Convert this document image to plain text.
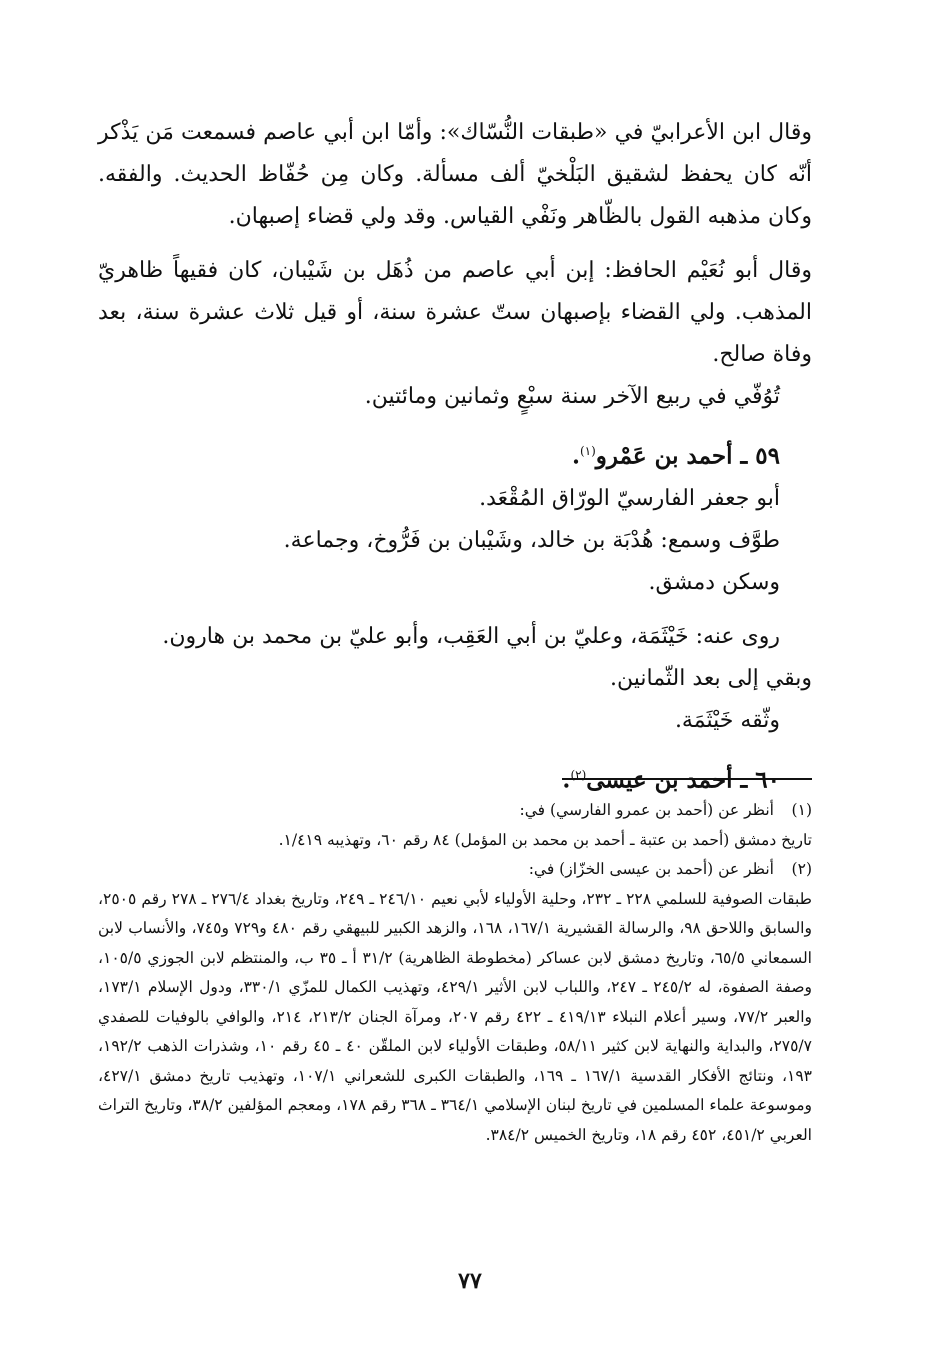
وقال ابن الأعرابيّ في «طبقات النُّسّاك»: وأمّا ابن أبي عاصم فسمعت مَن يَذْكر أنّه كان يحفظ لشقيق البَلْخيّ ألف مسألة. وكان مِن حُفّاظ الحديث. والفقه. وكان مذهبه القول بالظّاهر ونَفْي القياس. وقد ولي قضاء إصبهان.

وقال أبو نُعَيْم الحافظ: إبن أبي عاصم من ذُهَل بن شَيْبان، كان فقيهاً ظاهريّ المذهب. ولي القضاء بإصبهان ستّ عشرة سنة، أو قيل ثلاث عشرة سنة، بعد وفاة صالح.

تُوُفّي في ربيع الآخر سنة سبْعٍ وثمانين ومائتين.

٥٩ ـ أحمد بن عَمْرو$^{(١)}$.

أبو جعفر الفارسيّ الورّاق المُقْعَد.

طوَّف وسمع: هُدْبَة بن خالد، وشَيْبان بن فَرُّوخ، وجماعة.

وسكن دمشق.

روى عنه: خَيْثَمَة، وعليّ بن أبي العَقِب، وأبو عليّ بن محمد بن هارون.

وبقي إلى بعد الثّمانين.

وثّقه خَيْثَمَة.

٦٠ ـ أحمد بن عيسى$^{(٢)}$.

(١)أنظر عن (أحمد بن عمرو الفارسي) في:

تاريخ دمشق (أحمد بن عتبة ـ أحمد بن محمد بن المؤمل) ٨٤ رقم ٦٠، وتهذيبه ١/٤١٩.

(٢)أنظر عن (أحمد بن عيسى الخزّاز) في:

طبقات الصوفية للسلمي ٢٢٨ ـ ٢٣٢، وحلية الأولياء لأبي نعيم ٢٤٦/١٠ ـ ٢٤٩، وتاريخ بغداد ٢٧٦/٤ ـ ٢٧٨ رقم ٢٥٠٥، والسابق واللاحق ٩٨، والرسالة القشيرية ١٦٧/١، ١٦٨، والزهد الكبير للبيهقي رقم ٤٨٠ و٧٢٩ و٧٤٥، والأنساب لابن السمعاني ٦٥/٥، وتاريخ دمشق لابن عساكر (مخطوطة الظاهرية) ٣١/٢ أ ـ ٣٥ ب، والمنتظم لابن الجوزي ١٠٥/٥، وصفة الصفوة، له ٢٤٥/٢ ـ ٢٤٧، واللباب لابن الأثير ٤٢٩/١، وتهذيب الكمال للمزّي ٣٣٠/١، ودول الإسلام ١٧٣/١، والعبر ٧٧/٢، وسير أعلام النبلاء ٤١٩/١٣ ـ ٤٢٢ رقم ٢٠٧، ومرآة الجنان ٢١٣/٢، ٢١٤، والوافي بالوفيات للصفدي ٢٧٥/٧، والبداية والنهاية لابن كثير ٥٨/١١، وطبقات الأولياء لابن الملقّن ٤٠ ـ ٤٥ رقم ١٠، وشذرات الذهب ١٩٢/٢، ١٩٣، ونتائج الأفكار القدسية ١٦٧/١ ـ ١٦٩، والطبقات الكبرى للشعراني ١٠٧/١، وتهذيب تاريخ دمشق ٤٢٧/١، وموسوعة علماء المسلمين في تاريخ لبنان الإسلامي ٣٦٤/١ ـ ٣٦٨ رقم ١٧٨، ومعجم المؤلفين ٣٨/٢، وتاريخ التراث العربي ٤٥١/٢، ٤٥٢ رقم ١٨، وتاريخ الخميس ٣٨٤/٢.

٧٧
